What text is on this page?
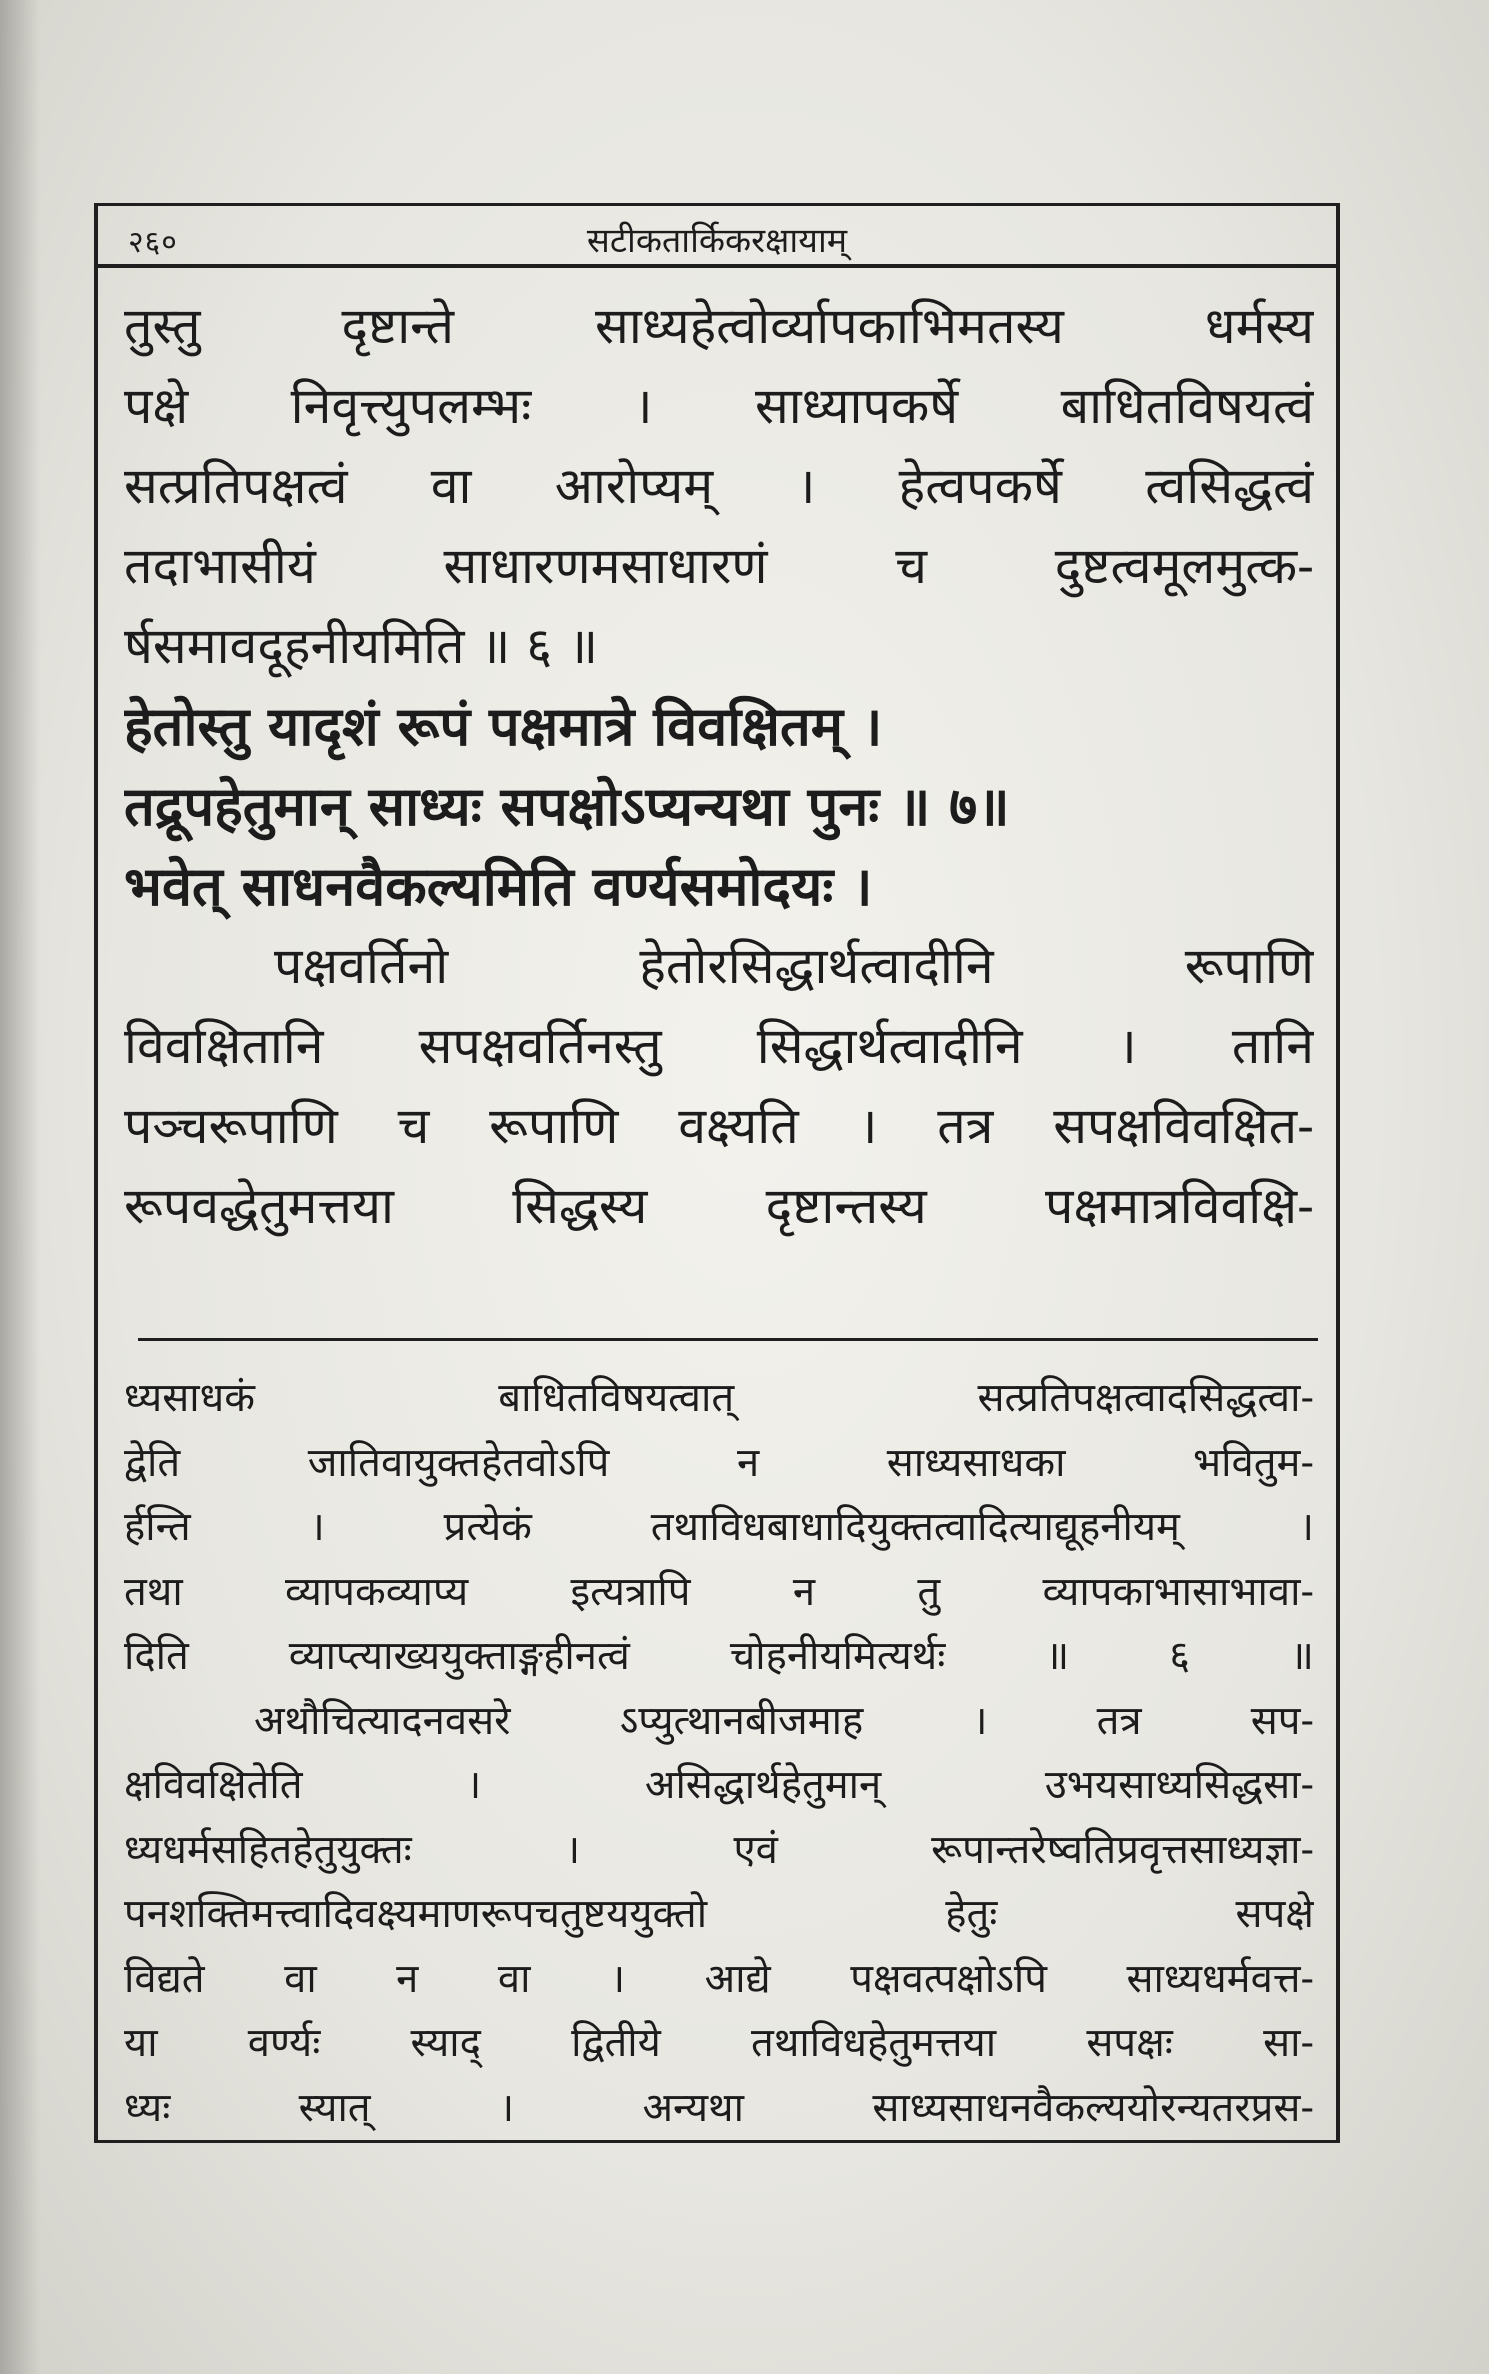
२६०	सटीकतार्किकरक्षायाम्
तुस्तु दृष्टान्ते साध्यहेत्वोर्व्यापकाभिमतस्य धर्मस्य
पक्षे निवृत्त्युपलम्भः । साध्यापकर्षे बाधितविषयत्वं
सत्प्रतिपक्षत्वं वा आरोप्यम् । हेत्वपकर्षे त्वसिद्धत्वं
तदाभासीयं साधारणमसाधारणं च दुष्टत्वमूलमुत्क-
र्षसमावदूहनीयमिति ॥ ६ ॥
हेतोस्तु यादृशं रूपं पक्षमात्रे विवक्षितम् ।
तद्रूपहेतुमान् साध्यः सपक्षोऽप्यन्यथा पुनः ॥ ७॥
भवेत् साधनवैकल्यमिति वर्ण्यसमोदयः ।
पक्षवर्तिनो हेतोरसिद्धार्थत्वादीनि रूपाणि
विवक्षितानि सपक्षवर्तिनस्तु सिद्धार्थत्वादीनि । तानि
पञ्चरूपाणि च रूपाणि वक्ष्यति । तत्र सपक्षविवक्षित-
रूपवद्धेतुमत्तया सिद्धस्य दृष्टान्तस्य पक्षमात्रविवक्षि-
ध्यसाधकं बाधितविषयत्वात् सत्प्रतिपक्षत्वादसिद्धत्वा-
द्वेति जातिवायुक्तहेतवोऽपि न साध्यसाधका भवितुम-
र्हन्ति । प्रत्येकं तथाविधबाधादियुक्तत्वादित्याद्यूहनीयम् ।
तथा व्यापकव्याप्य इत्यत्रापि न तु व्यापकाभासाभावा-
दिति व्याप्त्याख्ययुक्ताङ्गहीनत्वं चोहनीयमित्यर्थः ॥ ६ ॥
अथौचित्यादनवसरे ऽप्युत्थानबीजमाह । तत्र सप-
क्षविवक्षितेति । असिद्धार्थहेतुमान् उभयसाध्यसिद्धसा-
ध्यधर्मसहितहेतुयुक्तः । एवं रूपान्तरेष्वतिप्रवृत्तसाध्यज्ञा-
पनशक्तिमत्त्वादिवक्ष्यमाणरूपचतुष्टययुक्तो हेतुः सपक्षे
विद्यते वा न वा । आद्ये पक्षवत्पक्षोऽपि साध्यधर्मवत्त-
या वर्ण्यः स्याद् द्वितीये तथाविधहेतुमत्तया सपक्षः सा-
ध्यः स्यात् । अन्यथा साध्यसाधनवैकल्ययोरन्यतरप्रस-
